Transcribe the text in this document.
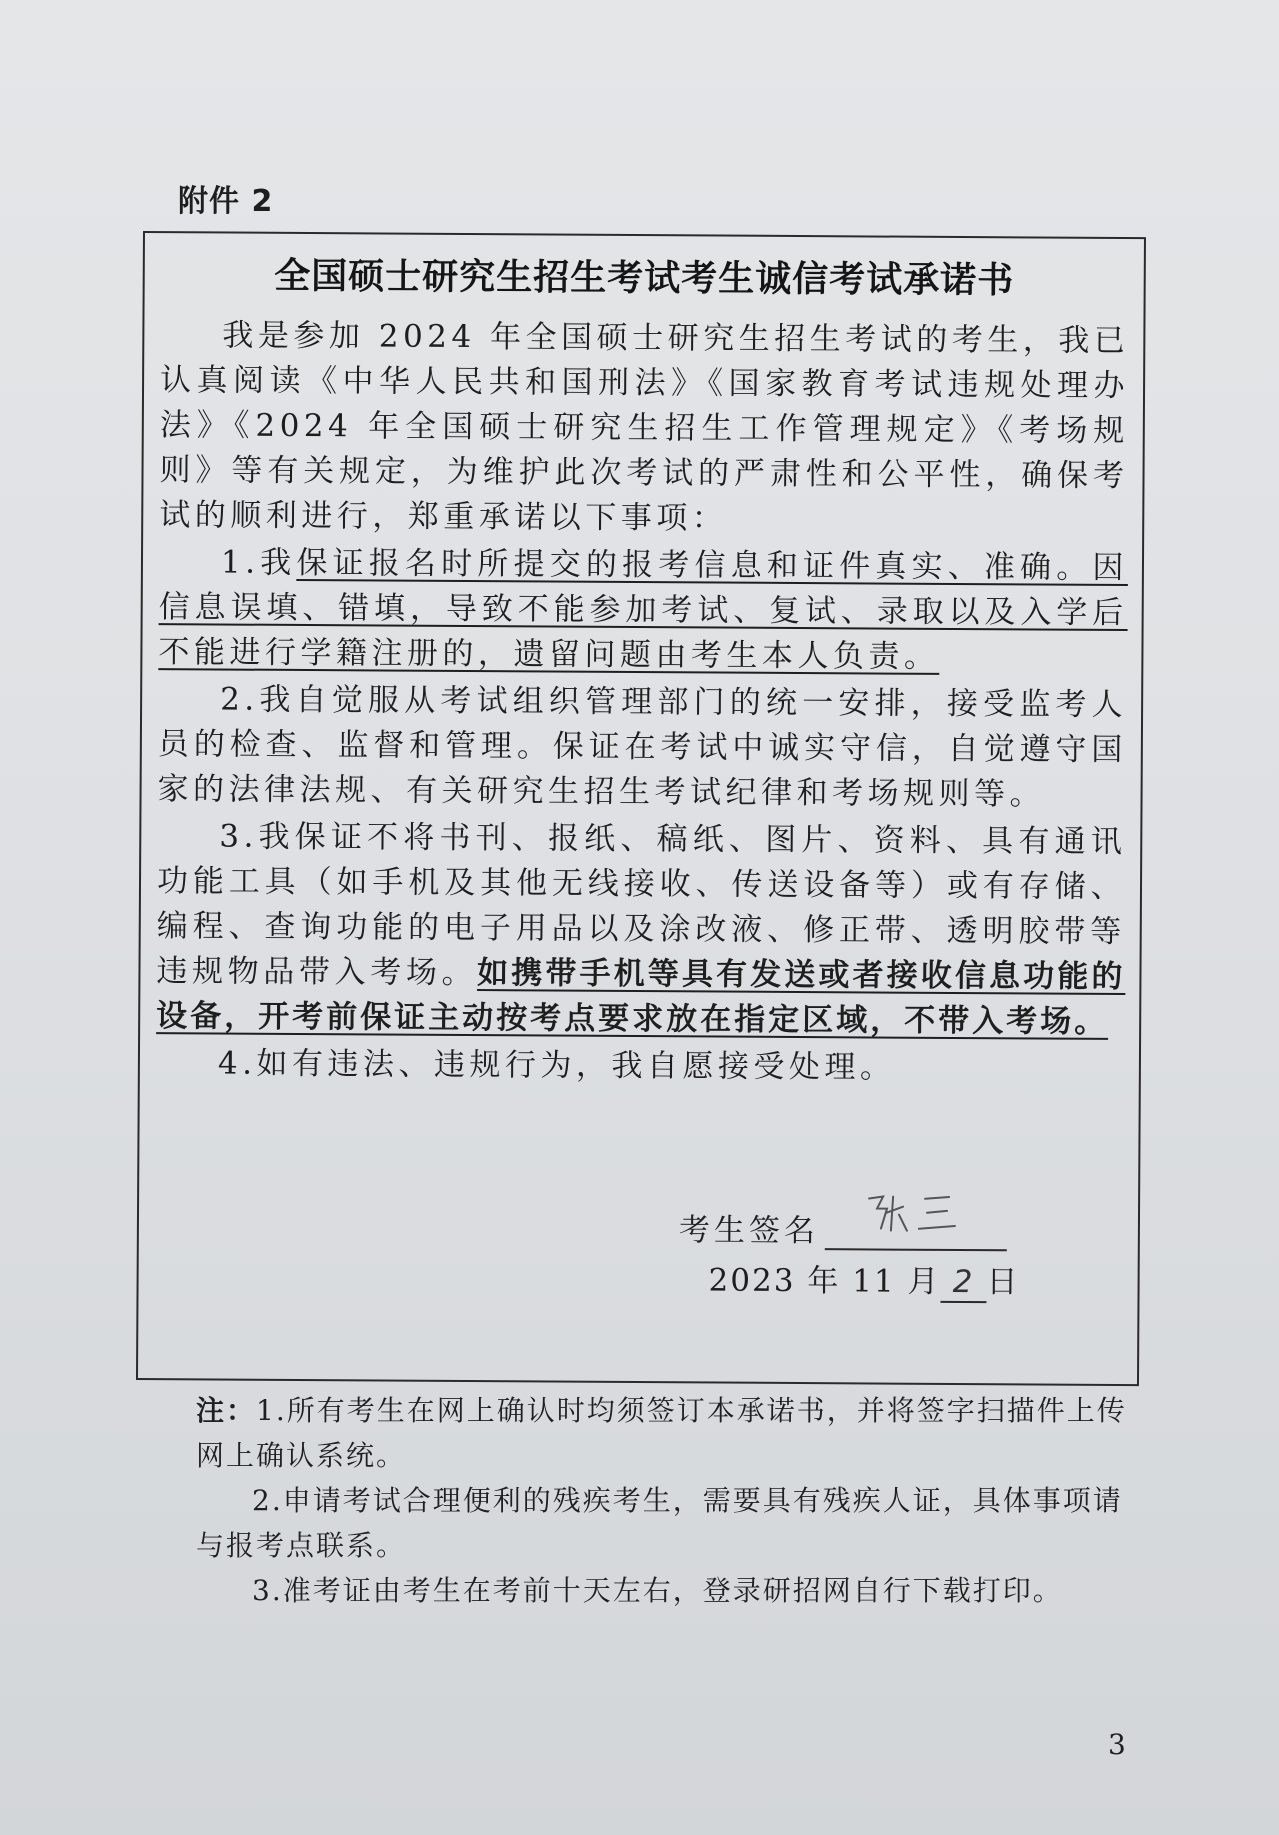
附件 2
全国硕士研究生招生考试考生诚信考试承诺书

我是参加 2024 年全国硕士研究生招生考试的考生，我已认真阅读《中华人民共和国刑法》《国家教育考试违规处理办法》《2024 年全国硕士研究生招生工作管理规定》《考场规则》等有关规定，为维护此次考试的严肃性和公平性，确保考试的顺利进行，郑重承诺以下事项：

1.我保证报名时所提交的报考信息和证件真实、准确。因信息误填、错填，导致不能参加考试、复试、录取以及入学后不能进行学籍注册的，遗留问题由考生本人负责。

2.我自觉服从考试组织管理部门的统一安排，接受监考人员的检查、监督和管理。保证在考试中诚实守信，自觉遵守国家的法律法规、有关研究生招生考试纪律和考场规则等。

3.我保证不将书刊、报纸、稿纸、图片、资料、具有通讯功能工具（如手机及其他无线接收、传送设备等）或有存储、编程、查询功能的电子用品以及涂改液、修正带、透明胶带等违规物品带入考场。如携带手机等具有发送或者接收信息功能的设备，开考前保证主动按考点要求放在指定区域，不带入考场。

4.如有违法、违规行为，我自愿接受处理。

考生签名
2023 年 11 月 2 日

注：1.所有考生在网上确认时均须签订本承诺书，并将签字扫描件上传网上确认系统。

2.申请考试合理便利的残疾考生，需要具有残疾人证，具体事项请与报考点联系。

3.准考证由考生在考前十天左右，登录研招网自行下载打印。

3
